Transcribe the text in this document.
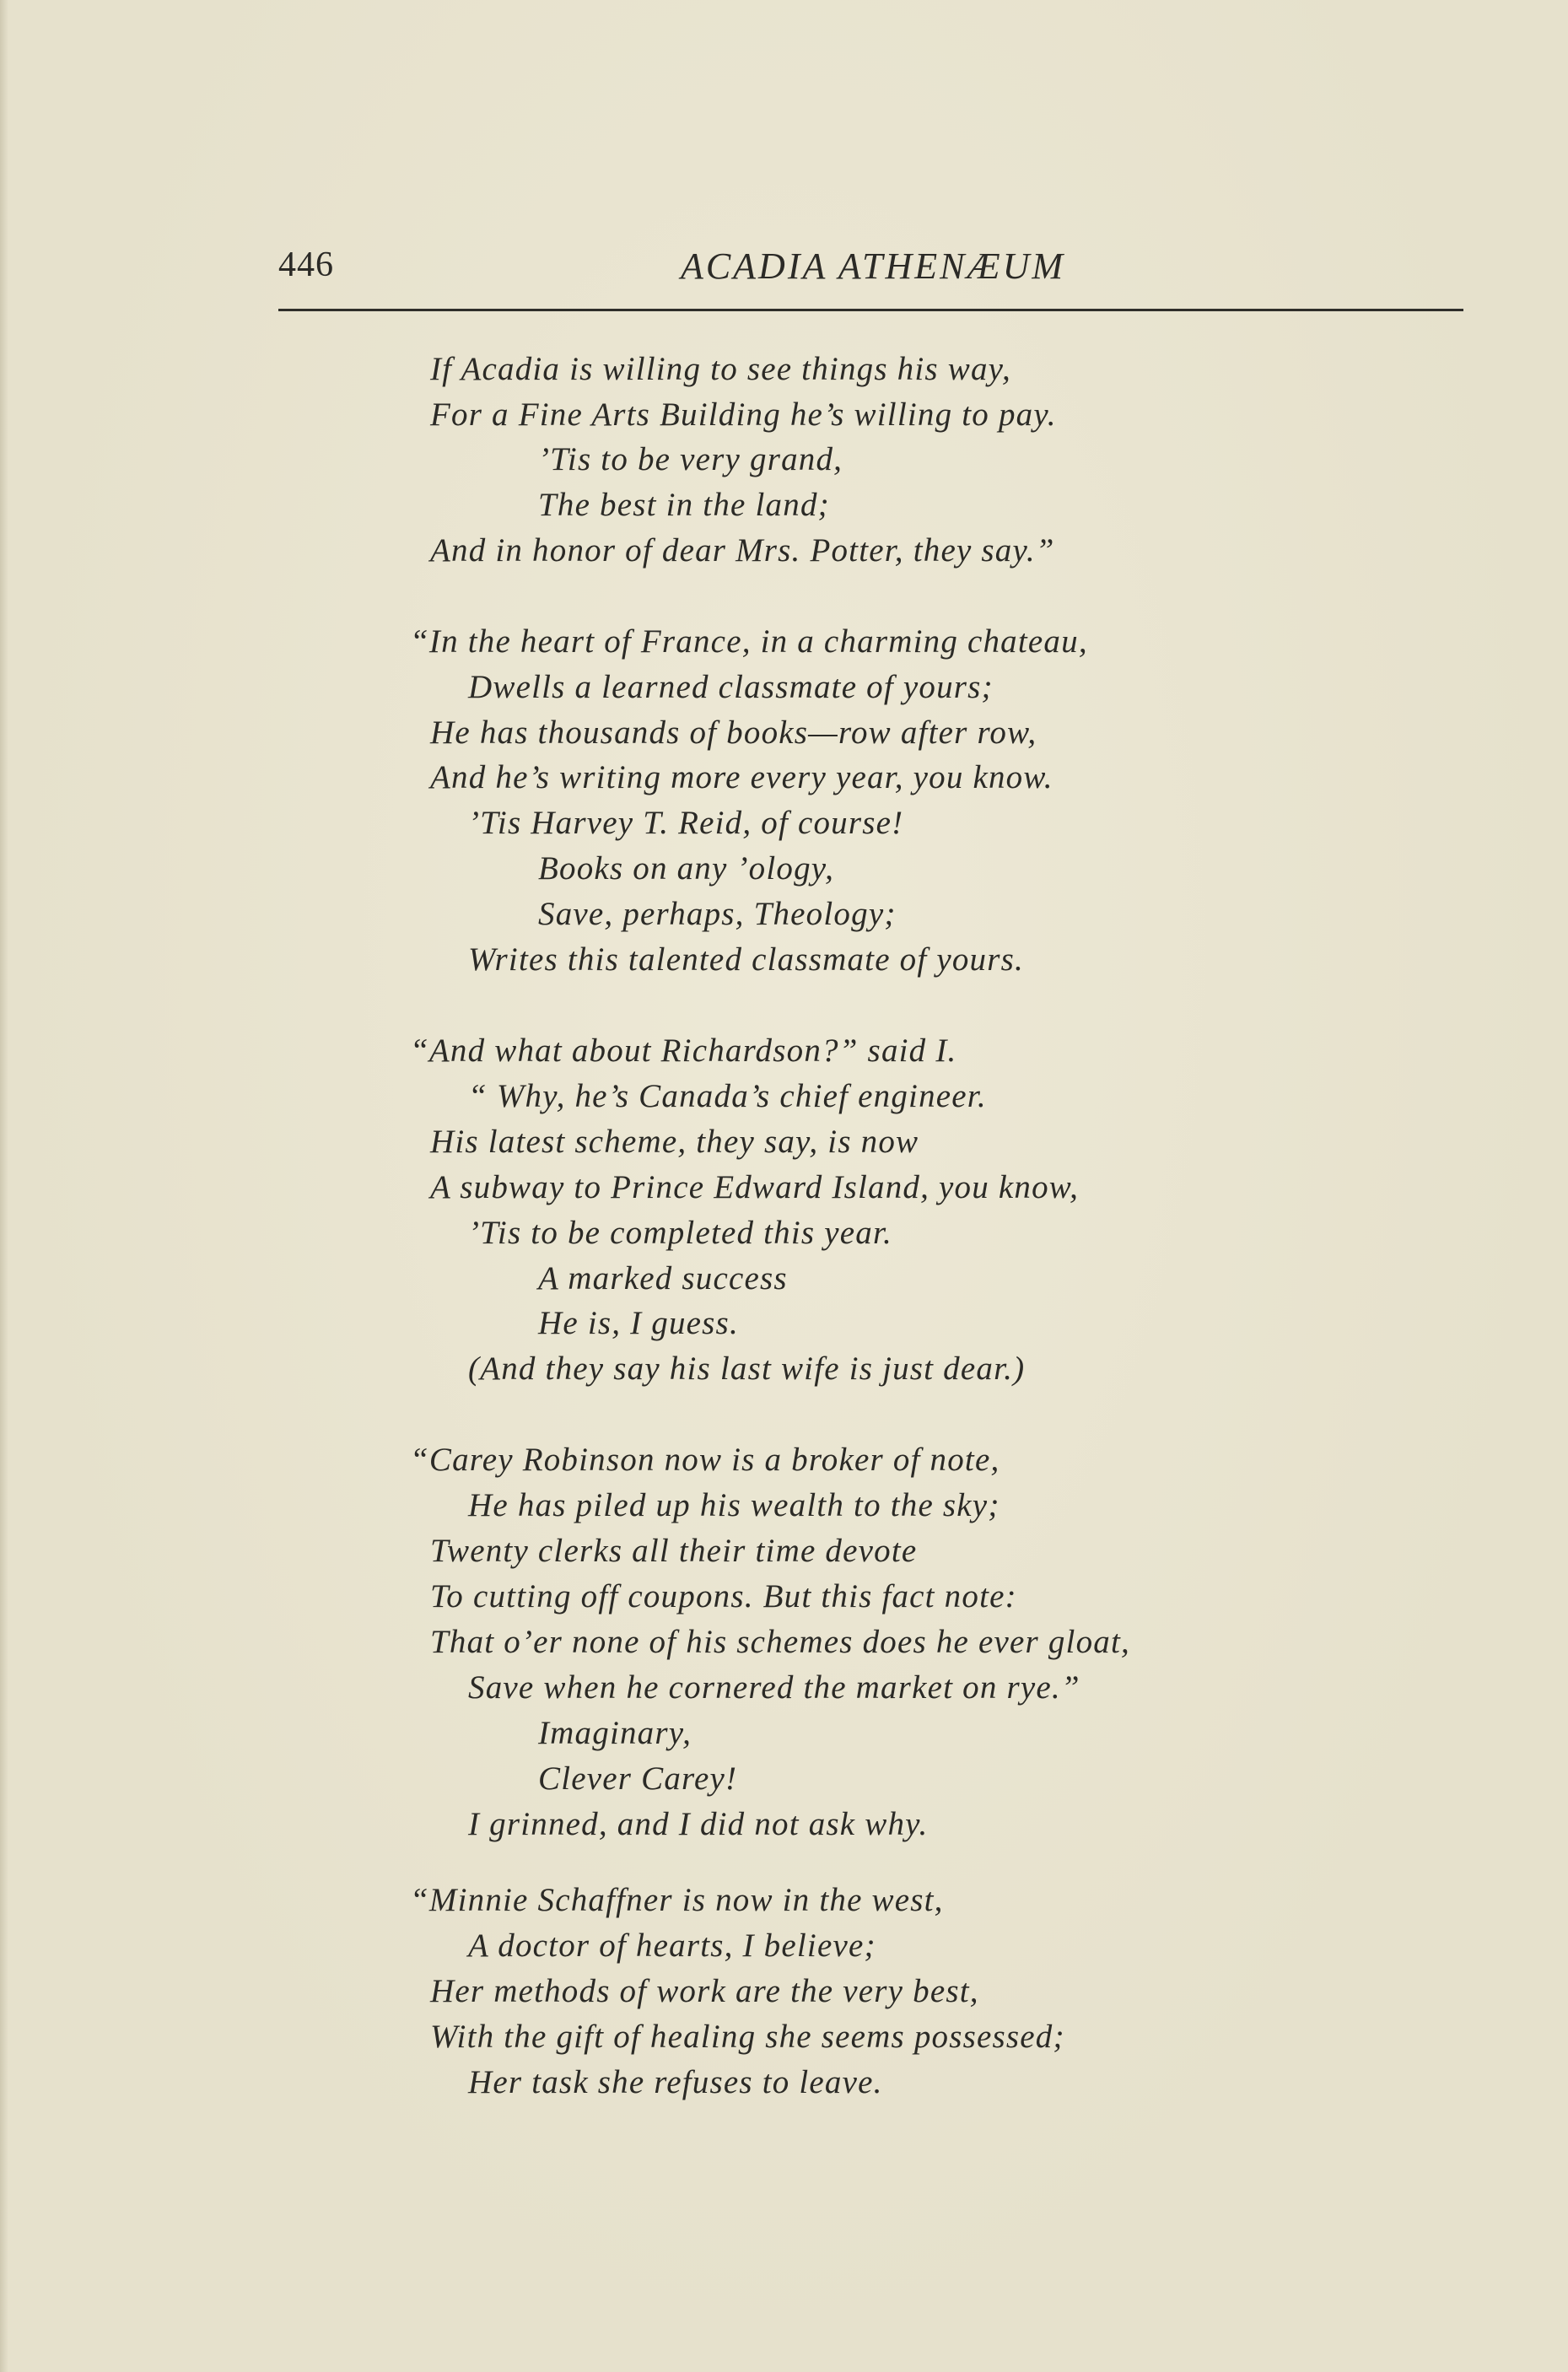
446	ACADIA ATHENÆUM
If Acadia is willing to see things his way,
For a Fine Arts Building he’s willing to pay.
’Tis to be very grand,
The best in the land;
And in honor of dear Mrs. Potter, they say.”
“In the heart of France, in a charming chateau,
Dwells a learned classmate of yours;
He has thousands of books—row after row,
And he’s writing more every year, you know.
’Tis Harvey T. Reid, of course!
Books on any ’ology,
Save, perhaps, Theology;
Writes this talented classmate of yours.
“And what about Richardson?” said I.
“ Why, he’s Canada’s chief engineer.
His latest scheme, they say, is now
A subway to Prince Edward Island, you know,
’Tis to be completed this year.
A marked success
He is, I guess.
(And they say his last wife is just dear.)
“Carey Robinson now is a broker of note,
He has piled up his wealth to the sky;
Twenty clerks all their time devote
To cutting off coupons. But this fact note:
That o’er none of his schemes does he ever gloat,
Save when he cornered the market on rye.”
Imaginary,
Clever Carey!
I grinned, and I did not ask why.
“Minnie Schaffner is now in the west,
A doctor of hearts, I believe;
Her methods of work are the very best,
With the gift of healing she seems possessed;
Her task she refuses to leave.
